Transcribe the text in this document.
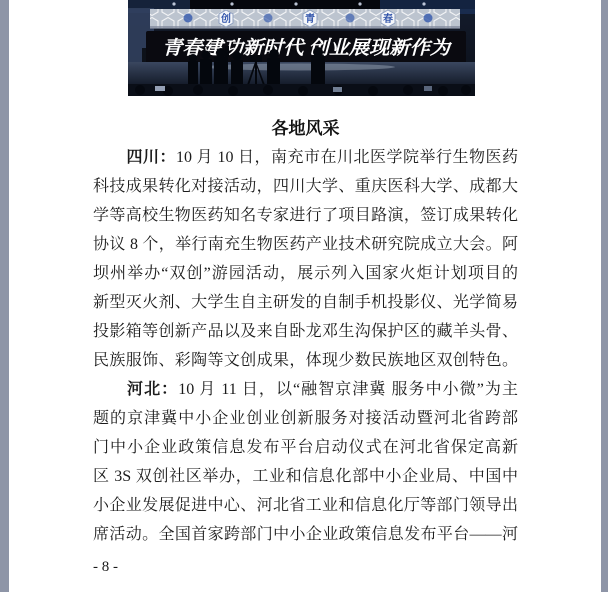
创	青	春
青春建功新时代 创业展现新作为
各地风采
四川：10 月 10 日，南充市在川北医学院举行生物医药
科技成果转化对接活动，四川大学、重庆医科大学、成都大
学等高校生物医药知名专家进行了项目路演，签订成果转化
协议 8 个，举行南充生物医药产业技术研究院成立大会。阿
坝州举办“双创”游园活动，展示列入国家火炬计划项目的
新型灭火剂、大学生自主研发的自制手机投影仪、光学简易
投影箱等创新产品以及来自卧龙邓生沟保护区的藏羊头骨、
民族服饰、彩陶等文创成果，体现少数民族地区双创特色。
河北：10 月 11 日，以“融智京津冀 服务中小微”为主
题的京津冀中小企业创业创新服务对接活动暨河北省跨部
门中小企业政策信息发布平台启动仪式在河北省保定高新
区 3S 双创社区举办，工业和信息化部中小企业局、中国中
小企业发展促进中心、河北省工业和信息化厅等部门领导出
席活动。全国首家跨部门中小企业政策信息发布平台——河
- 8 -
